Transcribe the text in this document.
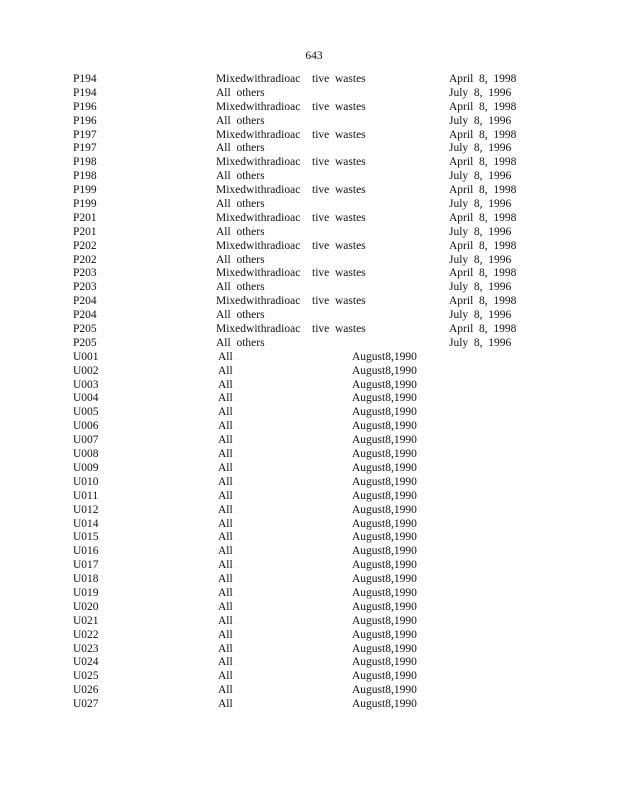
643
P194	Mixedwithradioac tive  wastes	April  8,  1998
P194	All  others	July  8,  1996
P196	Mixedwithradioac tive  wastes	April  8,  1998
P196	All  others	July  8,  1996
P197	Mixedwithradioac tive  wastes	April  8,  1998
P197	All  others	July  8,  1996
P198	Mixedwithradioac tive  wastes	April  8,  1998
P198	All  others	July  8,  1996
P199	Mixedwithradioac tive  wastes	April  8,  1998
P199	All  others	July  8,  1996
P201	Mixedwithradioac tive  wastes	April  8,  1998
P201	All  others	July  8,  1996
P202	Mixedwithradioac tive  wastes	April  8,  1998
P202	All  others	July  8,  1996
P203	Mixedwithradioac tive  wastes	April  8,  1998
P203	All  others	July  8,  1996
P204	Mixedwithradioac tive  wastes	April  8,  1998
P204	All  others	July  8,  1996
P205	Mixedwithradioac tive  wastes	April  8,  1998
P205	All  others	July  8,  1996
U001	All	August8,1990
U002	All	August8,1990
U003	All	August8,1990
U004	All	August8,1990
U005	All	August8,1990
U006	All	August8,1990
U007	All	August8,1990
U008	All	August8,1990
U009	All	August8,1990
U010	All	August8,1990
U011	All	August8,1990
U012	All	August8,1990
U014	All	August8,1990
U015	All	August8,1990
U016	All	August8,1990
U017	All	August8,1990
U018	All	August8,1990
U019	All	August8,1990
U020	All	August8,1990
U021	All	August8,1990
U022	All	August8,1990
U023	All	August8,1990
U024	All	August8,1990
U025	All	August8,1990
U026	All	August8,1990
U027	All	August8,1990
